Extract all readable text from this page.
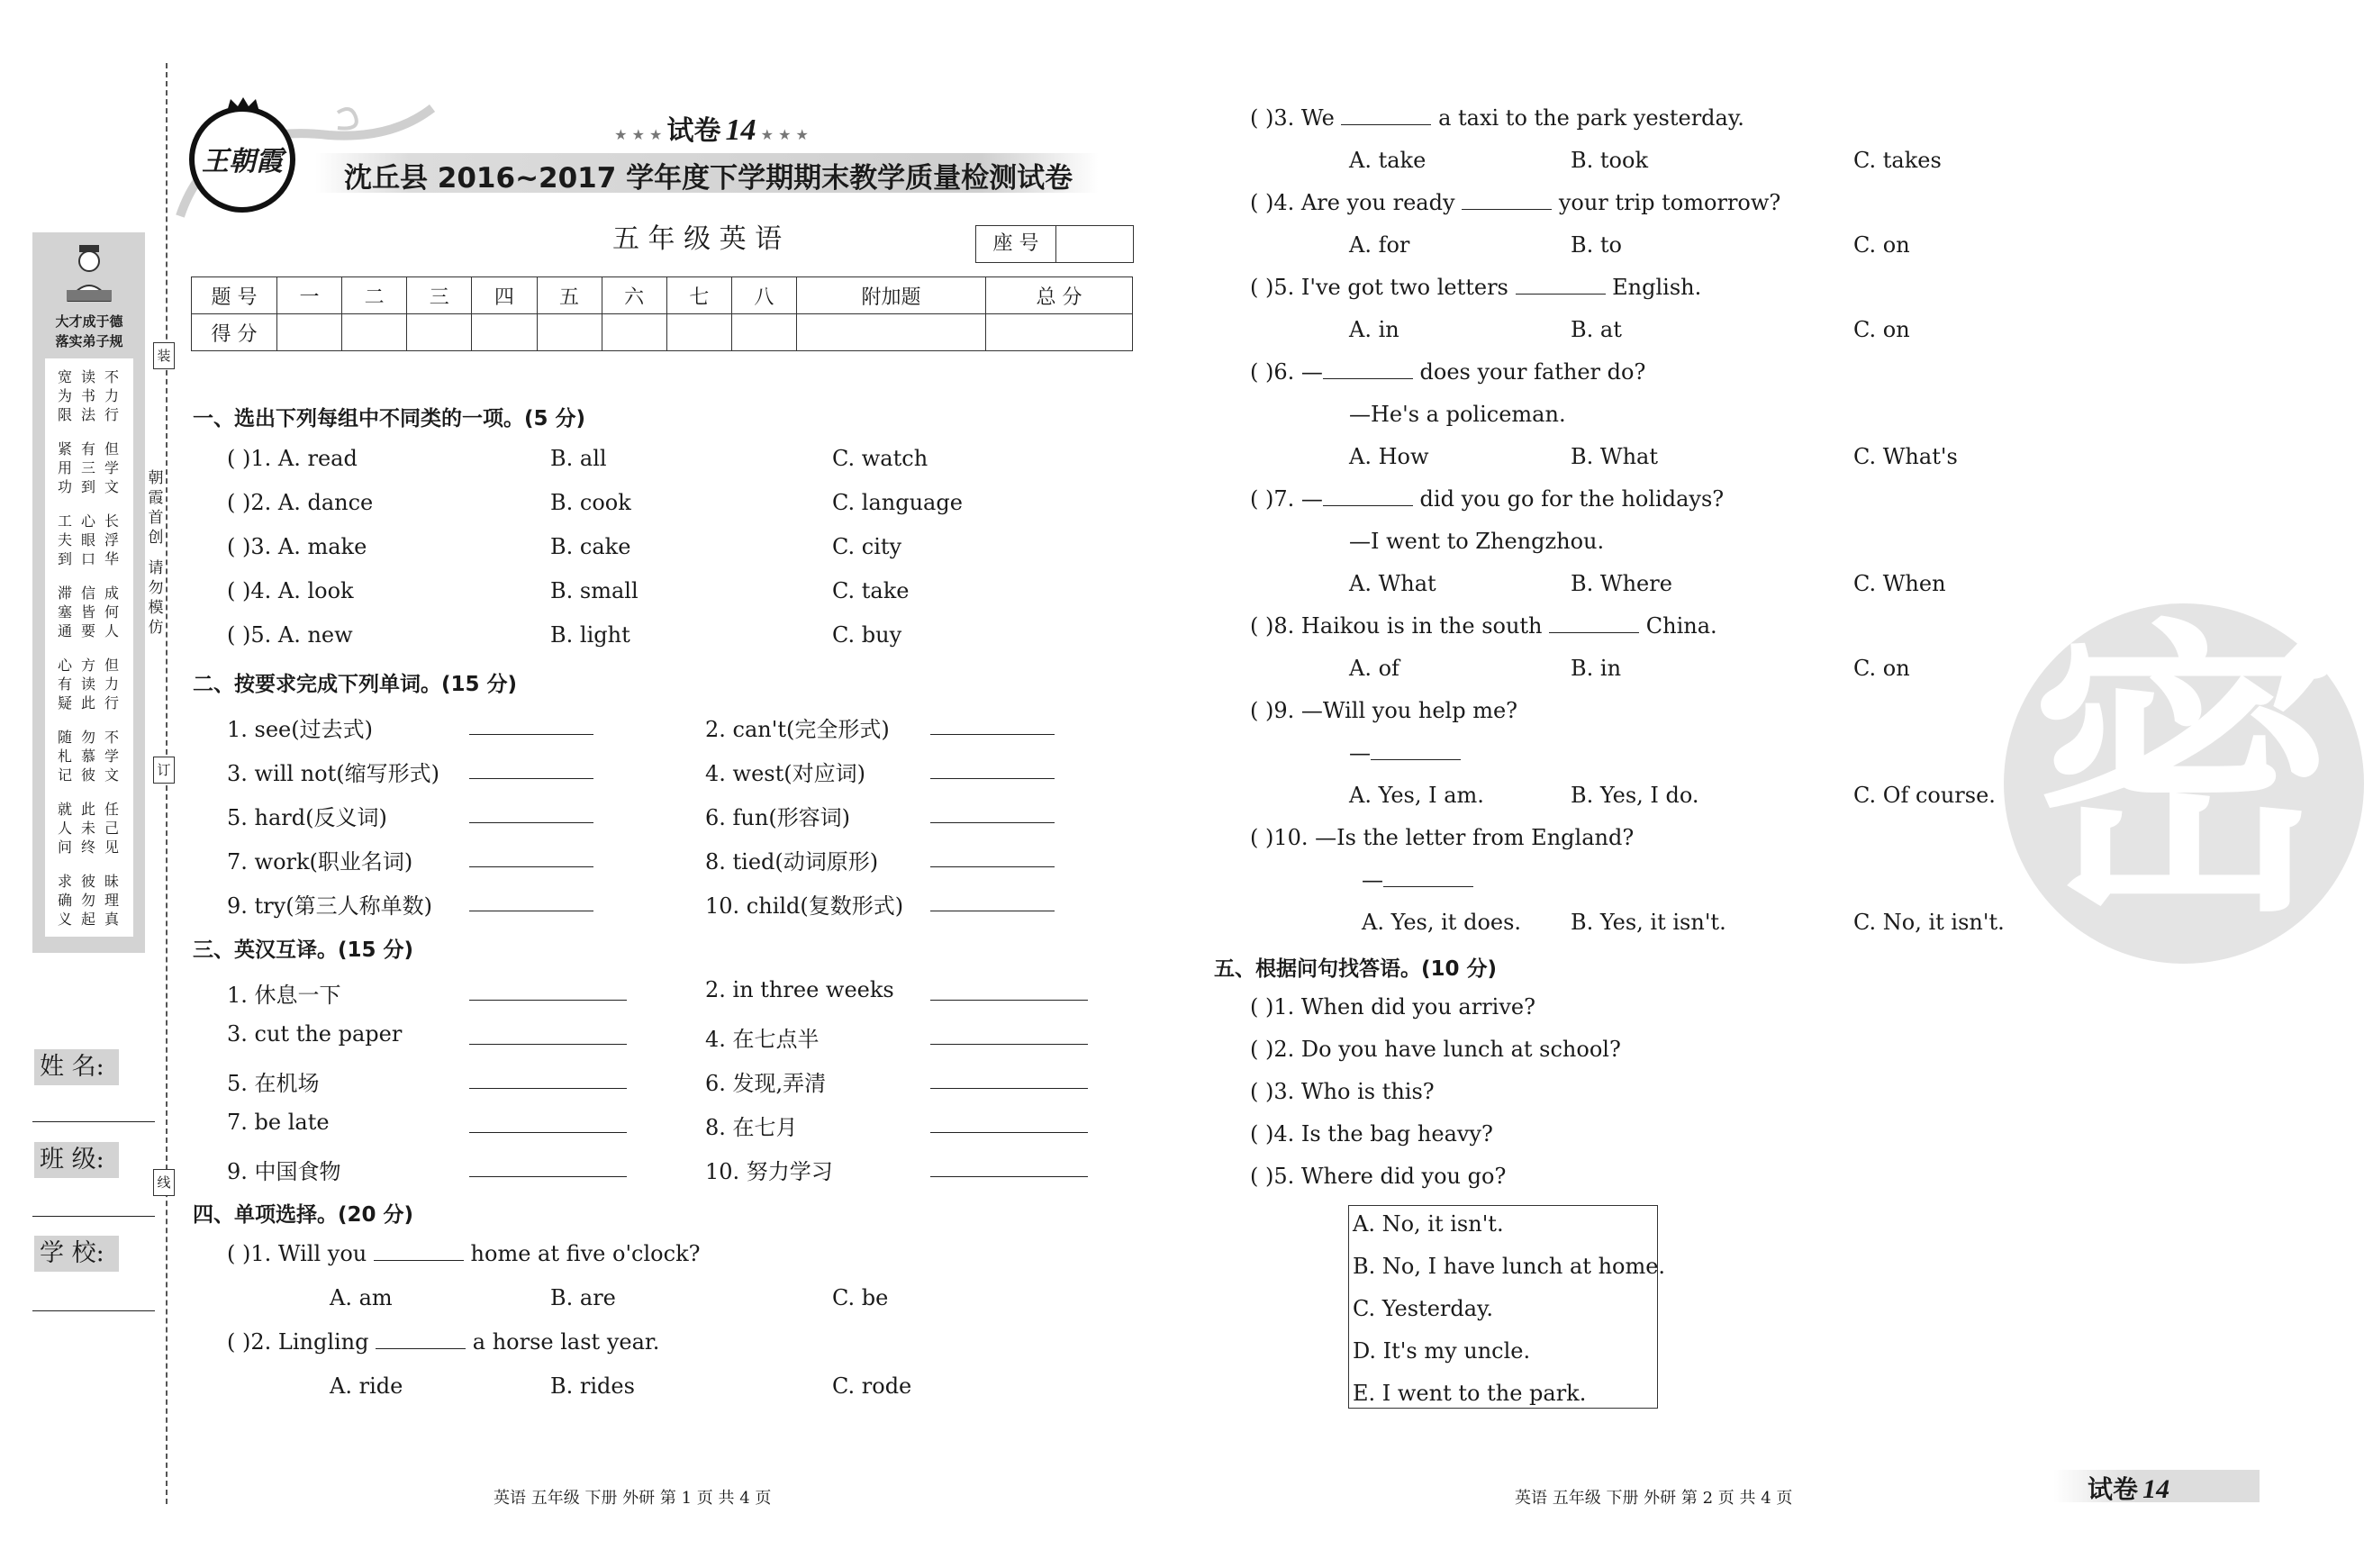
大才成于德
落实弟子规
宽为限
读书法
不力行
紧用功
有三到
但学文
工夫到
心眼口
长浮华
滞塞通
信皆要
成何人
心有疑
方读此
但力行
随札记
勿慕彼
不学文
就人问
此未终
任己见
求确义
彼勿起
昧理真
装
订
线
朝霞首创
请勿模仿
姓 名:
班 级:
学 校:
王朝霞
★ ★ ★ 试卷 14 ★ ★ ★
沈丘县 2016~2017 学年度下学期期末教学质量检测试卷
五 年 级 英 语	座 号
题 号	一	二	三	四	五	六	七	八	附加题	总 分
得 分										
一、选出下列每组中不同类的一项。(5 分)
( )1. A. read	B. all	C. watch
( )2. A. dance	B. cook	C. language
( )3. A. make	B. cake	C. city
( )4. A. look	B. small	C. take
( )5. A. new	B. light	C. buy
二、按要求完成下列单词。(15 分)
1. see(过去式)	2. can't(完全形式)
3. will not(缩写形式)	4. west(对应词)
5. hard(反义词)	6. fun(形容词)
7. work(职业名词)	8. tied(动词原形)
9. try(第三人称单数)	10. child(复数形式)
三、英汉互译。(15 分)
1. 休息一下	2. in three weeks
3. cut the paper	4. 在七点半
5. 在机场	6. 发现,弄清
7. be late	8. 在七月
9. 中国食物	10. 努力学习
四、单项选择。(20 分)
( )1. Will you	home at five o'clock?
A. am	B. are	C. be
( )2. Lingling	a horse last year.
A. ride	B. rides	C. rode
( )3. We	a taxi to the park yesterday.
A. take	B. took	C. takes
( )4. Are you ready	your trip tomorrow?
A. for	B. to	C. on
( )5. I've got two letters	English.
A. in	B. at	C. on
( )6. —	does your father do?
—He's a policeman.
A. How	B. What	C. What's
( )7. —	did you go for the holidays?
—I went to Zhengzhou.
A. What	B. Where	C. When
( )8. Haikou is in the south	China.
A. of	B. in	C. on
( )9. —Will you help me?
—
A. Yes, I am.	B. Yes, I do.	C. Of course.
( )10. —Is the letter from England?
—
A. Yes, it does. B. Yes, it isn't.	C. No, it isn't.
五、根据问句找答语。(10 分)
( )1. When did you arrive?
( )2. Do you have lunch at school?
( )3. Who is this?
( )4. Is the bag heavy?
( )5. Where did you go?
A. No, it isn't.
B. No, I have lunch at home.
C. Yesterday.
D. It's my uncle.
E. I went to the park.
密
英语 五年级 下册 外研 第 1 页 共 4 页	英语 五年级 下册 外研 第 2 页 共 4 页	试卷 14
